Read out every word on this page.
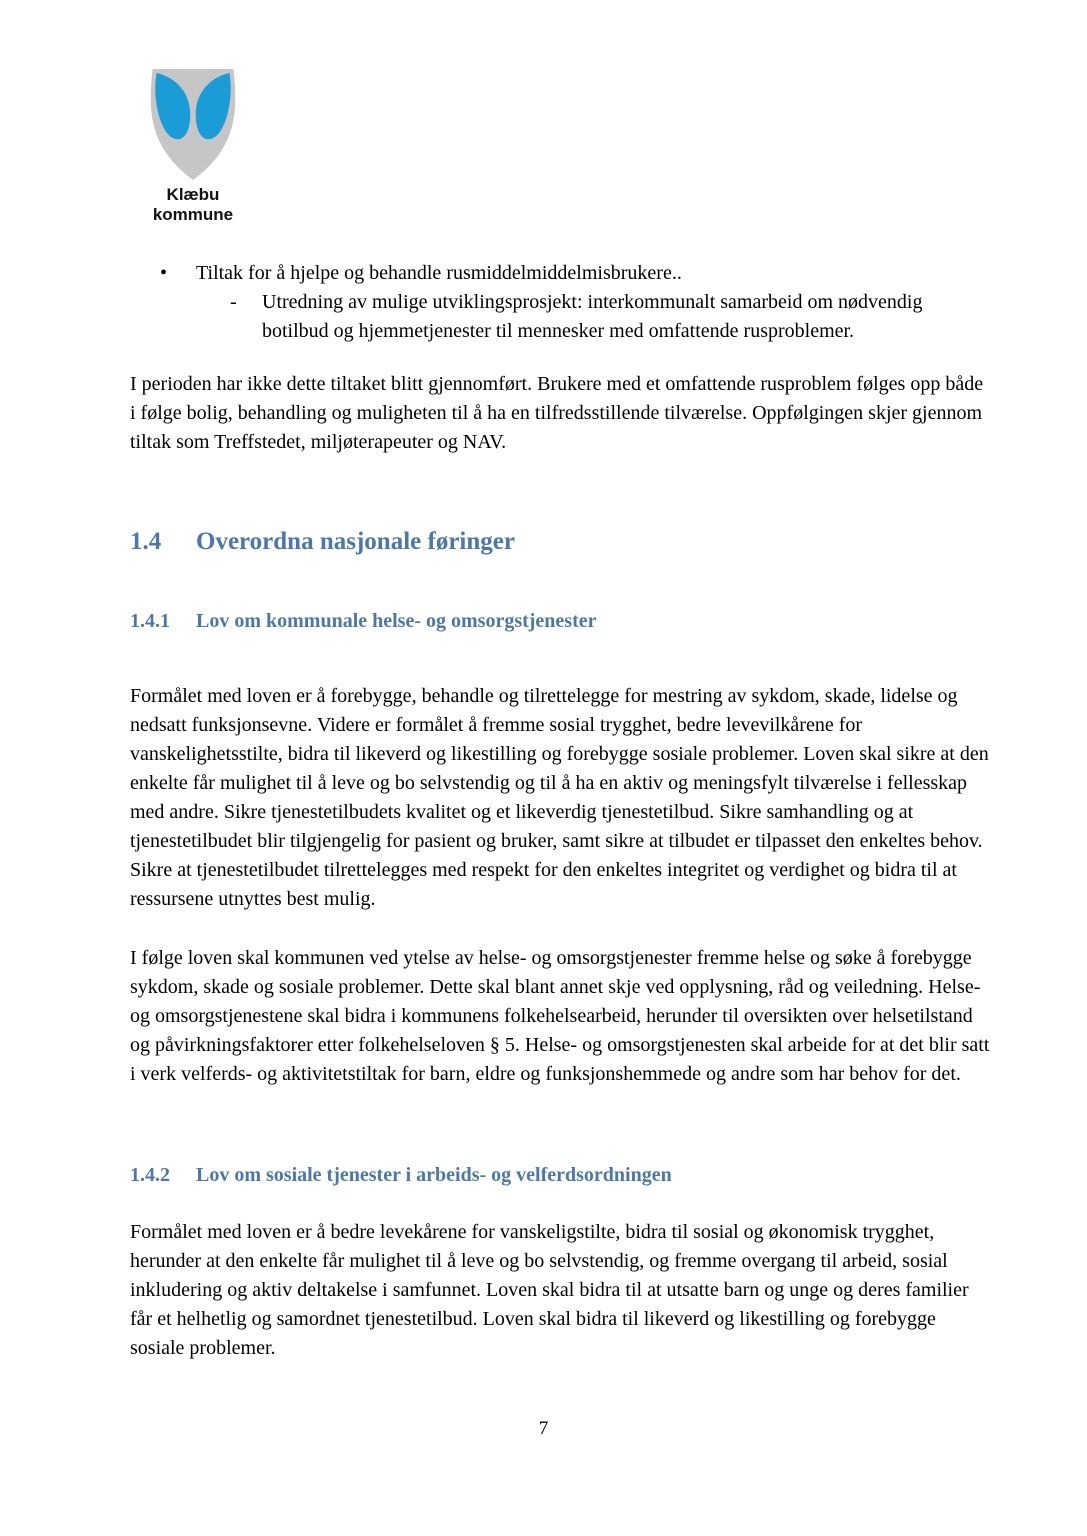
Klæbu
kommune
•	Tiltak for å hjelpe og behandle rusmiddelmiddelmisbrukere..
-	Utredning av mulige utviklingsprosjekt: interkommunalt samarbeid om nødvendig botilbud og hjemmetjenester til mennesker med omfattende rusproblemer.

I perioden har ikke dette tiltaket blitt gjennomført. Brukere med et omfattende rusproblem følges opp både i følge bolig, behandling og muligheten til å ha en tilfredsstillende tilværelse. Oppfølgingen skjer gjennom tiltak som Treffstedet, miljøterapeuter og NAV.

1.4	Overordna nasjonale føringer
1.4.1	Lov om kommunale helse- og omsorgstjenester

Formålet med loven er å forebygge, behandle og tilrettelegge for mestring av sykdom, skade, lidelse og nedsatt funksjonsevne. Videre er formålet å fremme sosial trygghet, bedre levevilkårene for vanskelighetsstilte, bidra til likeverd og likestilling og forebygge sosiale problemer. Loven skal sikre at den enkelte får mulighet til å leve og bo selvstendig og til å ha en aktiv og meningsfylt tilværelse i fellesskap med andre. Sikre tjenestetilbudets kvalitet og et likeverdig tjenestetilbud. Sikre samhandling og at tjenestetilbudet blir tilgjengelig for pasient og bruker, samt sikre at tilbudet er tilpasset den enkeltes behov. Sikre at tjenestetilbudet tilrettelegges med respekt for den enkeltes integritet og verdighet og bidra til at ressursene utnyttes best mulig.

I følge loven skal kommunen ved ytelse av helse- og omsorgstjenester fremme helse og søke å forebygge sykdom, skade og sosiale problemer. Dette skal blant annet skje ved opplysning, råd og veiledning. Helse- og omsorgstjenestene skal bidra i kommunens folkehelsearbeid, herunder til oversikten over helsetilstand og påvirkningsfaktorer etter folkehelseloven § 5. Helse- og omsorgstjenesten skal arbeide for at det blir satt i verk velferds- og aktivitetstiltak for barn, eldre og funksjonshemmede og andre som har behov for det.

1.4.2	Lov om sosiale tjenester i arbeids- og velferdsordningen

Formålet med loven er å bedre levekårene for vanskeligstilte, bidra til sosial og økonomisk trygghet, herunder at den enkelte får mulighet til å leve og bo selvstendig, og fremme overgang til arbeid, sosial inkludering og aktiv deltakelse i samfunnet. Loven skal bidra til at utsatte barn og unge og deres familier får et helhetlig og samordnet tjenestetilbud. Loven skal bidra til likeverd og likestilling og forebygge sosiale problemer.

7
